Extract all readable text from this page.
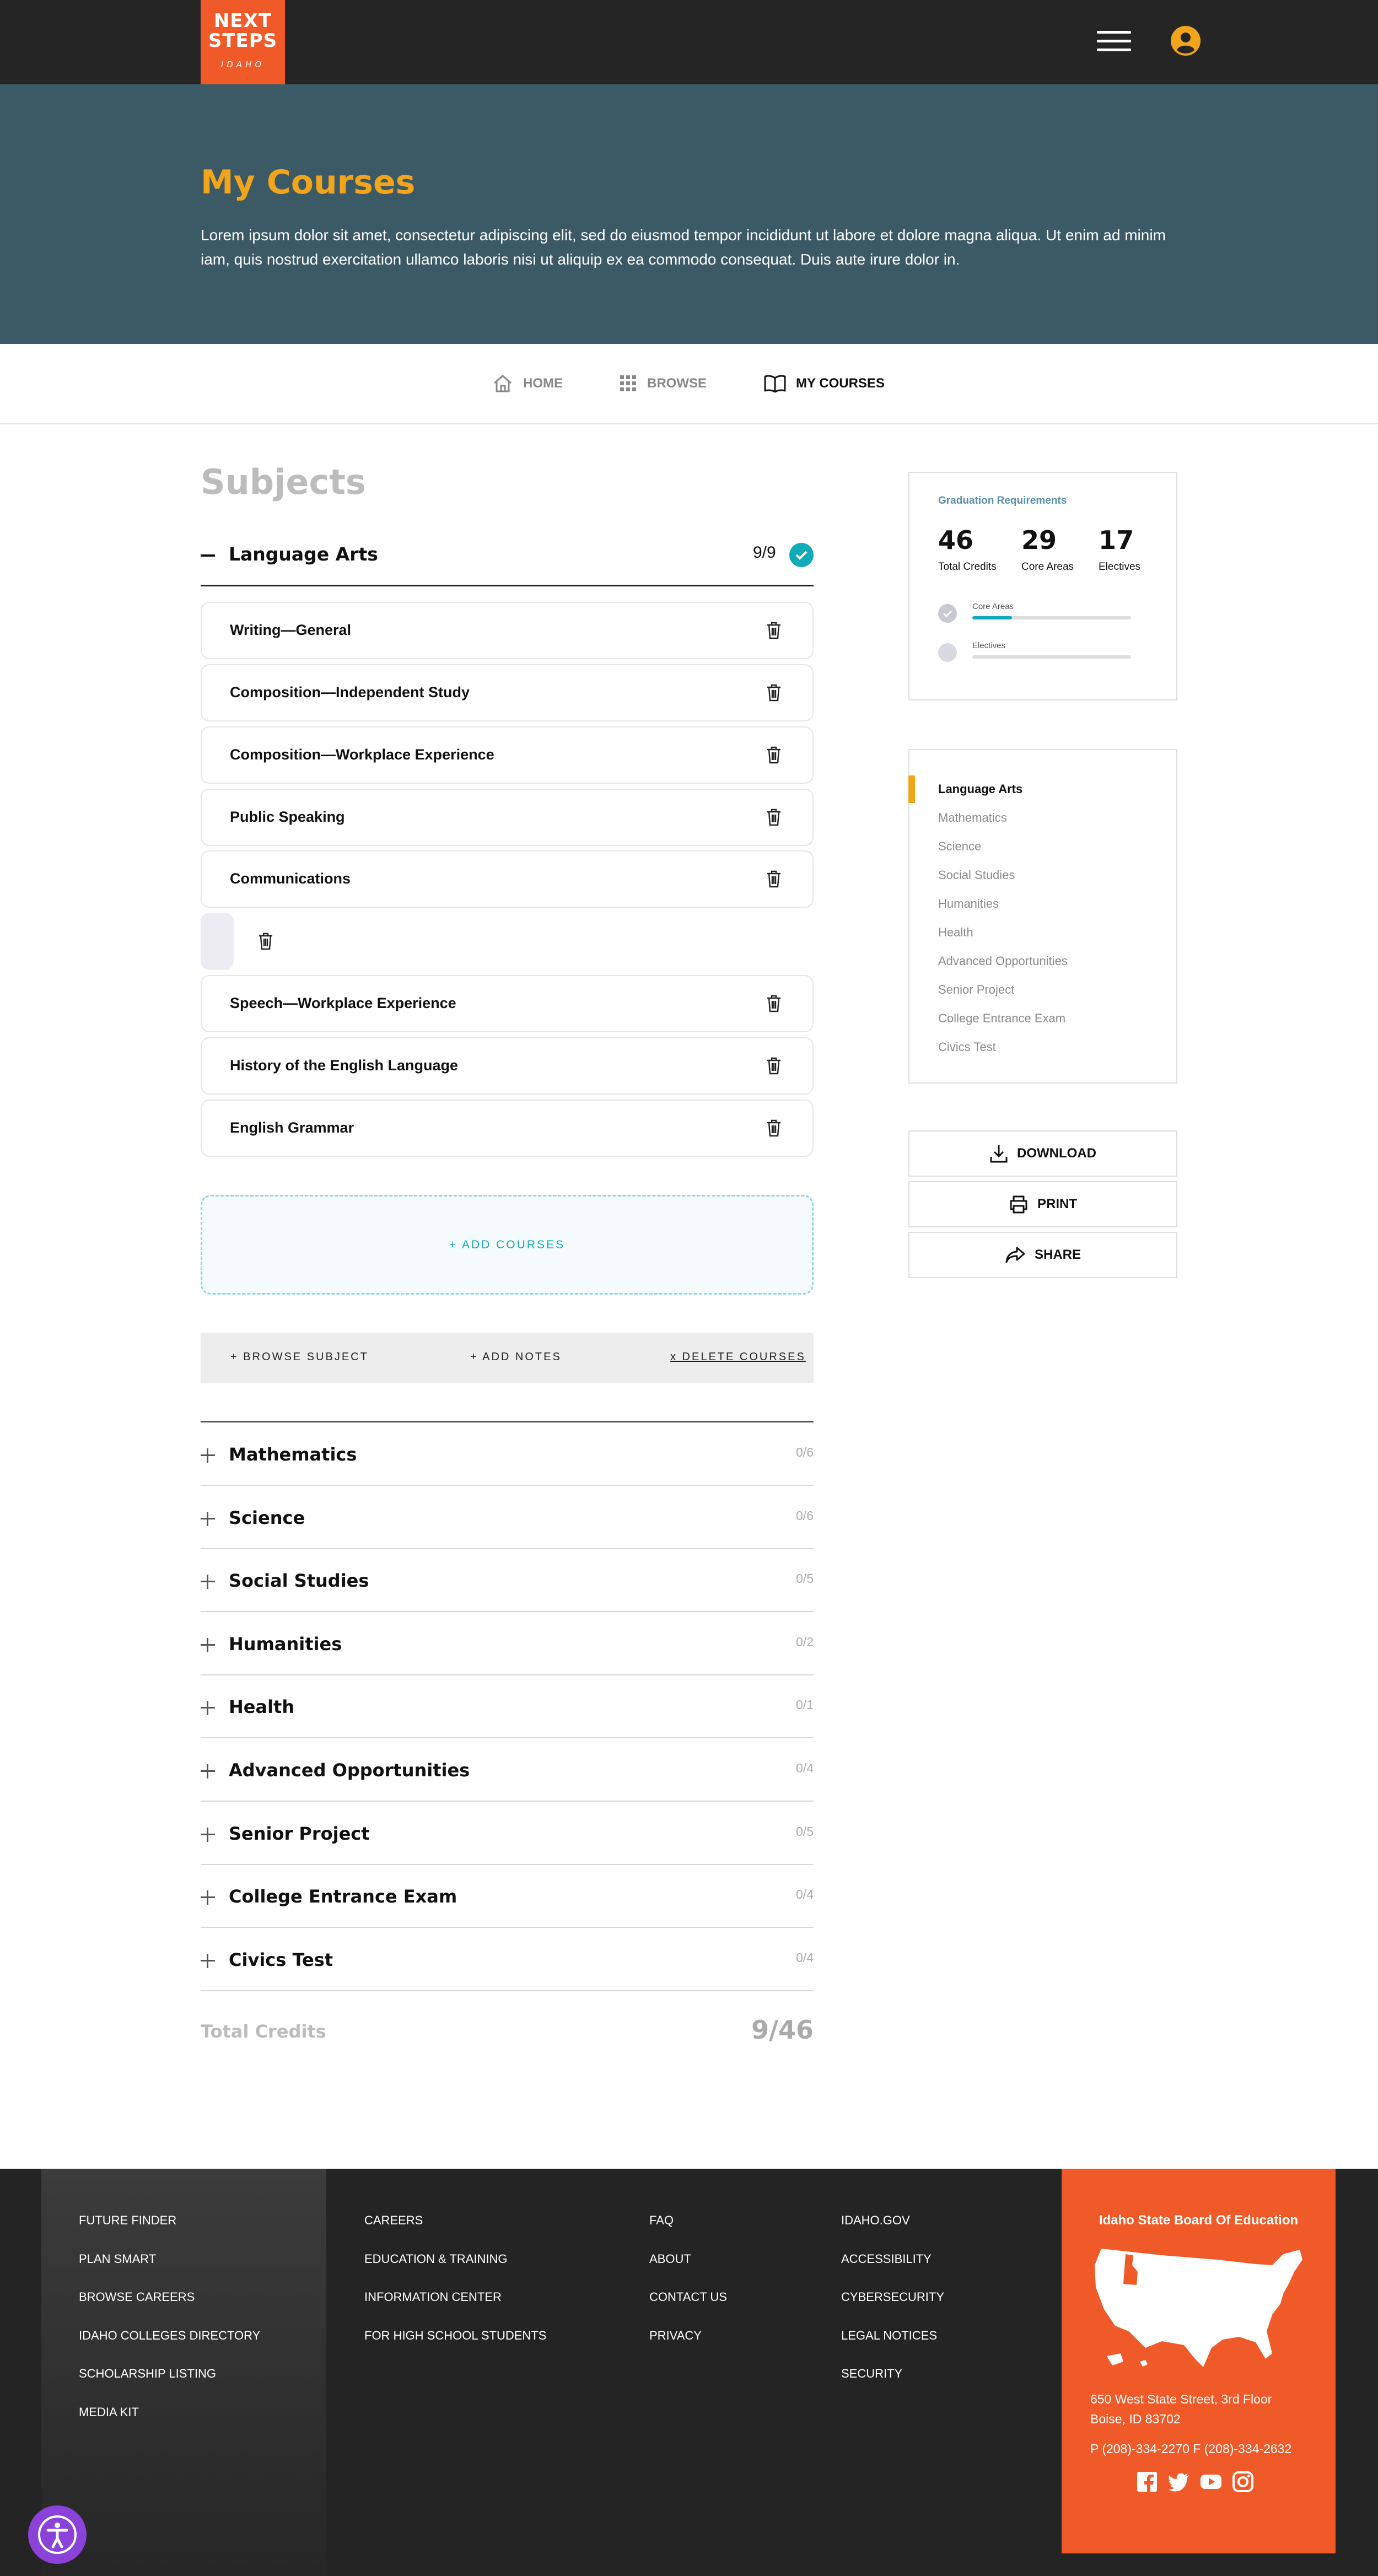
NEXT
STEPS
IDAHO
My Courses

Lorem ipsum dolor sit amet, consectetur adipiscing elit, sed do eiusmod tempor incididunt ut labore et dolore magna aliqua. Ut enim ad minim iam, quis nostrud exercitation ullamco laboris nisi ut aliquip ex ea commodo consequat. Duis aute irure dolor in.

HOME	BROWSE	MY COURSES
Subjects
Language Arts	9/9
Writing—General
Composition—Independent Study
Composition—Workplace Experience
Public Speaking
Communications
Speech—Workplace Experience
History of the English Language
English Grammar
+ ADD COURSES
+ BROWSE SUBJECT	+ ADD NOTES	x DELETE COURSES
Mathematics	0/6
Science	0/6
Social Studies	0/5
Humanities	0/2
Health	0/1
Advanced Opportunities	0/4
Senior Project	0/5
College Entrance Exam	0/4
Civics Test	0/4
Total Credits	9/46
Graduation Requirements
46
Total Credits
29
Core Areas
17
Electives
Core Areas
Electives
Language Arts
Mathematics
Science
Social Studies
Humanities
Health
Advanced Opportunities
Senior Project
College Entrance Exam
Civics Test
DOWNLOAD
PRINT
SHARE
FUTURE FINDER
PLAN SMART
BROWSE CAREERS
IDAHO COLLEGES DIRECTORY
SCHOLARSHIP LISTING
MEDIA KIT
CAREERS
EDUCATION & TRAINING
INFORMATION CENTER
FOR HIGH SCHOOL STUDENTS
FAQ
ABOUT
CONTACT US
PRIVACY
IDAHO.GOV
ACCESSIBILITY
CYBERSECURITY
LEGAL NOTICES
SECURITY
Idaho State Board Of Education
650 West State Street, 3rd Floor
Boise, ID 83702
P (208)-334-2270 F (208)-334-2632
